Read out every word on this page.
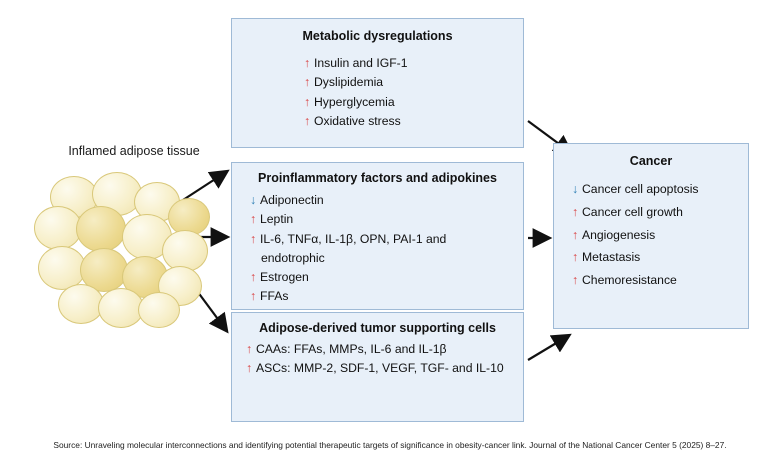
Inflamed adipose tissue
Metabolic dysregulations
↑ Insulin and IGF-1
↑ Dyslipidemia
↑ Hyperglycemia
↑ Oxidative stress
Proinflammatory factors and adipokines
↓ Adiponectin
↑ Leptin
↑ IL-6, TNFα, IL-1β, OPN, PAI-1 and
endotrophic
↑ Estrogen
↑ FFAs
Adipose-derived tumor supporting cells
↑ CAAs: FFAs, MMPs, IL-6 and IL-1β
↑ ASCs: MMP-2, SDF-1, VEGF, TGF- and IL-10
Cancer
↓ Cancer cell apoptosis
↑ Cancer cell growth
↑ Angiogenesis
↑ Metastasis
↑ Chemoresistance
Source: Unraveling molecular interconnections and identifying potential therapeutic targets of significance in obesity-cancer link. Journal of the National Cancer Center 5 (2025) 8–27.
